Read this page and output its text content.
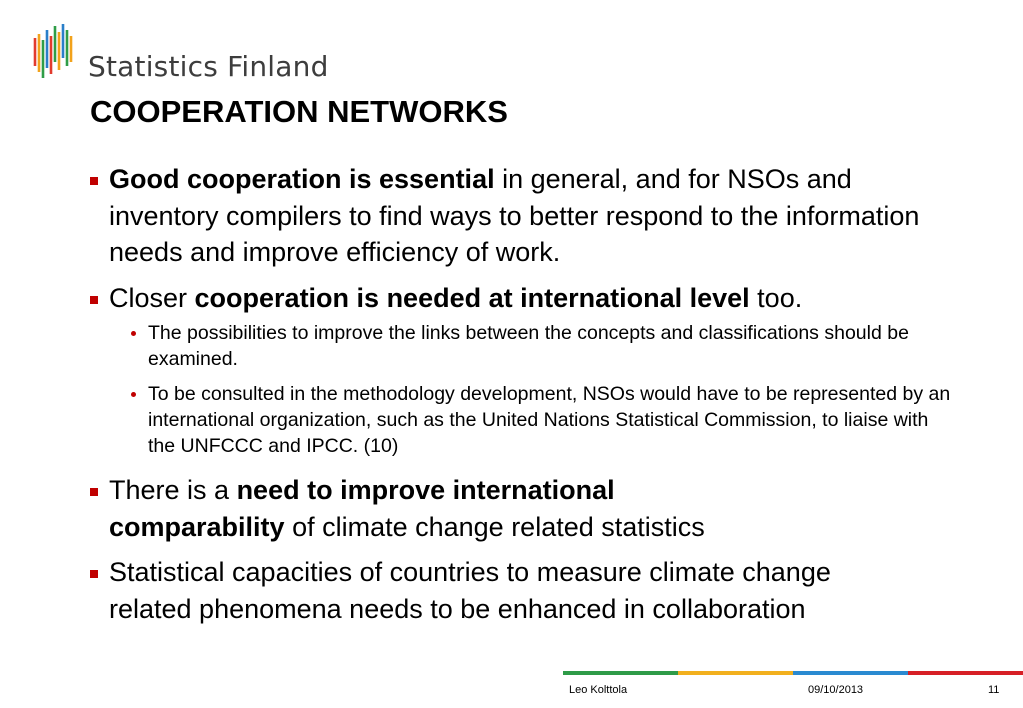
Statistics Finland
COOPERATION NETWORKS
Good cooperation is essential in general, and for NSOs and inventory compilers to find ways to better respond to the information needs and improve efficiency of work.
Closer cooperation is needed at international level too.
The possibilities to improve the links between the concepts and classifications should be examined.
To be consulted in the methodology development, NSOs would have to be represented by an international organization, such as the United Nations Statistical Commission, to liaise with the UNFCCC and IPCC. (10)
There is a need to improve international
comparability of climate change related statistics
Statistical capacities of countries to measure climate change related phenomena needs to be enhanced in collaboration
Leo Kolttola	09/10/2013	11
